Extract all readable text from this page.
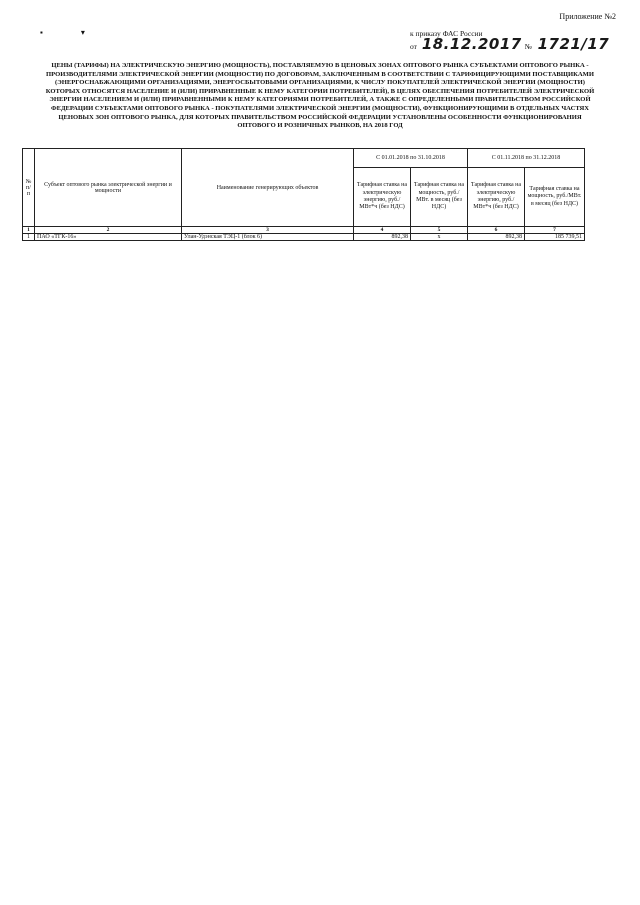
▪ ▾
Приложение №2
к приказу ФАС России
от 18.12.2017 № 1721/17
ЦЕНЫ (ТАРИФЫ) НА ЭЛЕКТРИЧЕСКУЮ ЭНЕРГИЮ (МОЩНОСТЬ), ПОСТАВЛЯЕМУЮ В ЦЕНОВЫХ ЗОНАХ ОПТОВОГО РЫНКА СУБЪЕКТАМИ ОПТОВОГО РЫНКА - ПРОИЗВОДИТЕЛЯМИ ЭЛЕКТРИЧЕСКОЙ ЭНЕРГИИ (МОЩНОСТИ) ПО ДОГОВОРАМ, ЗАКЛЮЧЕННЫМ В СООТВЕТСТВИИ С ТАРИФИЦИРУЮЩИМИ ПОСТАВЩИКАМИ (ЭНЕРГОСНАБЖАЮЩИМИ ОРГАНИЗАЦИЯМИ, ЭНЕРГОСБЫТОВЫМИ ОРГАНИЗАЦИЯМИ, К ЧИСЛУ ПОКУПАТЕЛЕЙ ЭЛЕКТРИЧЕСКОЙ ЭНЕРГИИ (МОЩНОСТИ) КОТОРЫХ ОТНОСЯТСЯ НАСЕЛЕНИЕ И (ИЛИ) ПРИРАВНЕННЫЕ К НЕМУ КАТЕГОРИИ ПОТРЕБИТЕЛЕЙ), В ЦЕЛЯХ ОБЕСПЕЧЕНИЯ ПОТРЕБИТЕЛЕЙ ЭЛЕКТРИЧЕСКОЙ ЭНЕРГИИ НАСЕЛЕНИЕМ И (ИЛИ) ПРИРАВНЕННЫМИ К НЕМУ КАТЕГОРИЯМИ ПОТРЕБИТЕЛЕЙ, А ТАКЖЕ С ОПРЕДЕЛЕННЫМИ ПРАВИТЕЛЬСТВОМ РОССИЙСКОЙ ФЕДЕРАЦИИ СУБЪЕКТАМИ ОПТОВОГО РЫНКА - ПОКУПАТЕЛЯМИ ЭЛЕКТРИЧЕСКОЙ ЭНЕРГИИ (МОЩНОСТИ), ФУНКЦИОНИРУЮЩИМИ В ОТДЕЛЬНЫХ ЧАСТЯХ ЦЕНОВЫХ ЗОН ОПТОВОГО РЫНКА, ДЛЯ КОТОРЫХ ПРАВИТЕЛЬСТВОМ РОССИЙСКОЙ ФЕДЕРАЦИИ УСТАНОВЛЕНЫ ОСОБЕННОСТИ ФУНКЦИОНИРОВАНИЯ ОПТОВОГО И РОЗНИЧНЫХ РЫНКОВ, НА 2018 ГОД
№ п/п	Субъект оптового рынка электрической энергии и мощности	Наименование генерирующих объектов	С 01.01.2018 по 31.10.2018		С 01.11.2018 по 31.12.2018	
			Тарифная ставка на электрическую энергию, руб./МВт*ч (без НДС)	Тарифная ставка на мощность, руб./МВт. в месяц (без НДС)	Тарифная ставка на электрическую энергию, руб./МВт*ч (без НДС)	Тарифная ставка на мощность, руб./МВт. в месяц (без НДС)
1	2	3	4	5	6	7
1	ПАО «ТГК-16»	Улан-Удэнская ТЭЦ-1 (блок 6)	892,38	х	892,38	185 739,51
